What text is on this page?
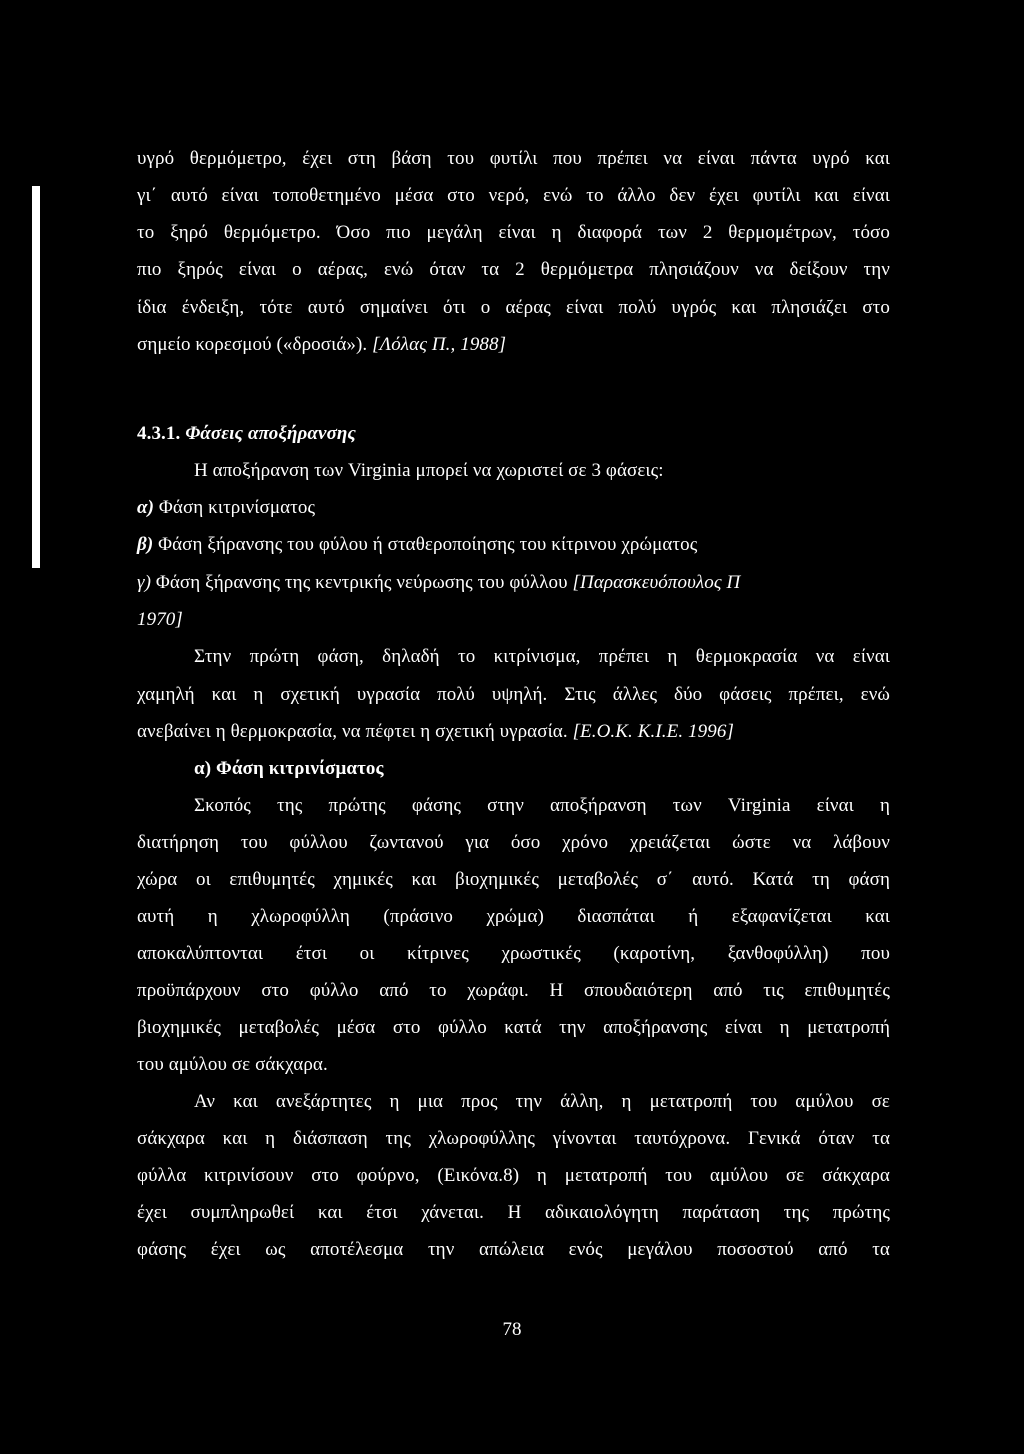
υγρό θερμόμετρο, έχει στη βάση του φυτίλι που πρέπει να είναι πάντα υγρό και
γι΄ αυτό είναι τοποθετημένο μέσα στο νερό, ενώ το άλλο δεν έχει φυτίλι και είναι
το ξηρό θερμόμετρο. Όσο πιο μεγάλη είναι η διαφορά των 2 θερμομέτρων, τόσο
πιο ξηρός είναι ο αέρας, ενώ όταν τα 2 θερμόμετρα πλησιάζουν να δείξουν την
ίδια ένδειξη, τότε αυτό σημαίνει ότι ο αέρας είναι πολύ υγρός και πλησιάζει στο
σημείο κορεσμού («δροσιά»). [Λόλας Π., 1988]
4.3.1. Φάσεις αποξήρανσης
Η αποξήρανση των Virginia μπορεί να χωριστεί σε 3 φάσεις:
α) Φάση κιτρινίσματος
β) Φάση ξήρανσης του φύλου ή σταθεροποίησης του κίτρινου χρώματος
γ) Φάση ξήρανσης της κεντρικής νεύρωσης του φύλλου [Παρασκευόπουλος Π
1970]
Στην πρώτη φάση, δηλαδή το κιτρίνισμα, πρέπει η θερμοκρασία να είναι
χαμηλή και η σχετική υγρασία πολύ υψηλή. Στις άλλες δύο φάσεις πρέπει, ενώ
ανεβαίνει η θερμοκρασία, να πέφτει η σχετική υγρασία. [Ε.Ο.Κ. Κ.Ι.Ε. 1996]
α) Φάση κιτρινίσματος
Σκοπός της πρώτης φάσης στην αποξήρανση των Virginia είναι η
διατήρηση του φύλλου ζωντανού για όσο χρόνο χρειάζεται ώστε να λάβουν
χώρα οι επιθυμητές χημικές και βιοχημικές μεταβολές σ΄ αυτό. Κατά τη φάση
αυτή η χλωροφύλλη (πράσινο χρώμα) διασπάται ή εξαφανίζεται και
αποκαλύπτονται έτσι οι κίτρινες χρωστικές (καροτίνη, ξανθοφύλλη) που
προϋπάρχουν στο φύλλο από το χωράφι. Η σπουδαιότερη από τις επιθυμητές
βιοχημικές μεταβολές μέσα στο φύλλο κατά την αποξήρανσης είναι η μετατροπή
του αμύλου σε σάκχαρα.
Αν και ανεξάρτητες η μια προς την άλλη, η μετατροπή του αμύλου σε
σάκχαρα και η διάσπαση της χλωροφύλλης γίνονται ταυτόχρονα. Γενικά όταν τα
φύλλα κιτρινίσουν στο φούρνο, (Εικόνα.8) η μετατροπή του αμύλου σε σάκχαρα
έχει συμπληρωθεί και έτσι χάνεται. Η αδικαιολόγητη παράταση της πρώτης
φάσης έχει ως αποτέλεσμα την απώλεια ενός μεγάλου ποσοστού από τα
78
